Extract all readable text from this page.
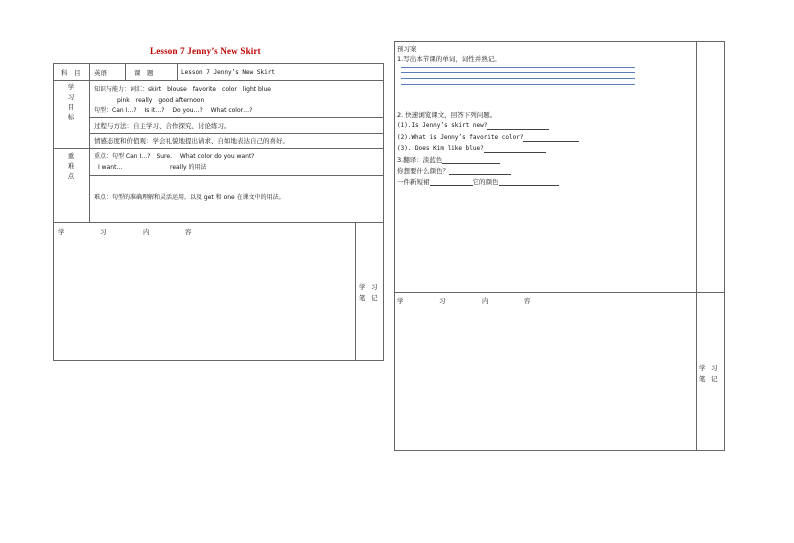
Lesson 7 Jenny’s New Skirt
科　目 英语	课　题	Lesson 7 Jenny’s New Skirt
学
习
目
标
知识与能力：词汇：skirt　blouse　favorite　color　light blue
pink　really　good afternoon
句型：Can I…?　 Is it…?　 Do you…?　 What color…?
过程与方法：自主学习、合作探究、讨论练习。
情感态度和价值观：学会礼貌地提出请求、自如地表达自己的喜好。
重
难
点
重点：句型 Can I…?　Sure.　 What color do you want?
I want…	really 的用法
难点：句型的准确理解和灵活运用，以及 get 和 one 在课文中的用法。
学	习	内	容
学 习
笔 记
预习案
1.写出本节课的单词，词性并熟记。
2. 快速浏览课文，回答下列问题。
(1).Is Jenny’s skirt new?
(2).What is Jenny’s favorite color?
(3). Does Kim like blue?
3.翻译：淡蓝色
你想要什么颜色？
一件新短裙	它的颜色
学	习	内	容
学 习
笔 记
